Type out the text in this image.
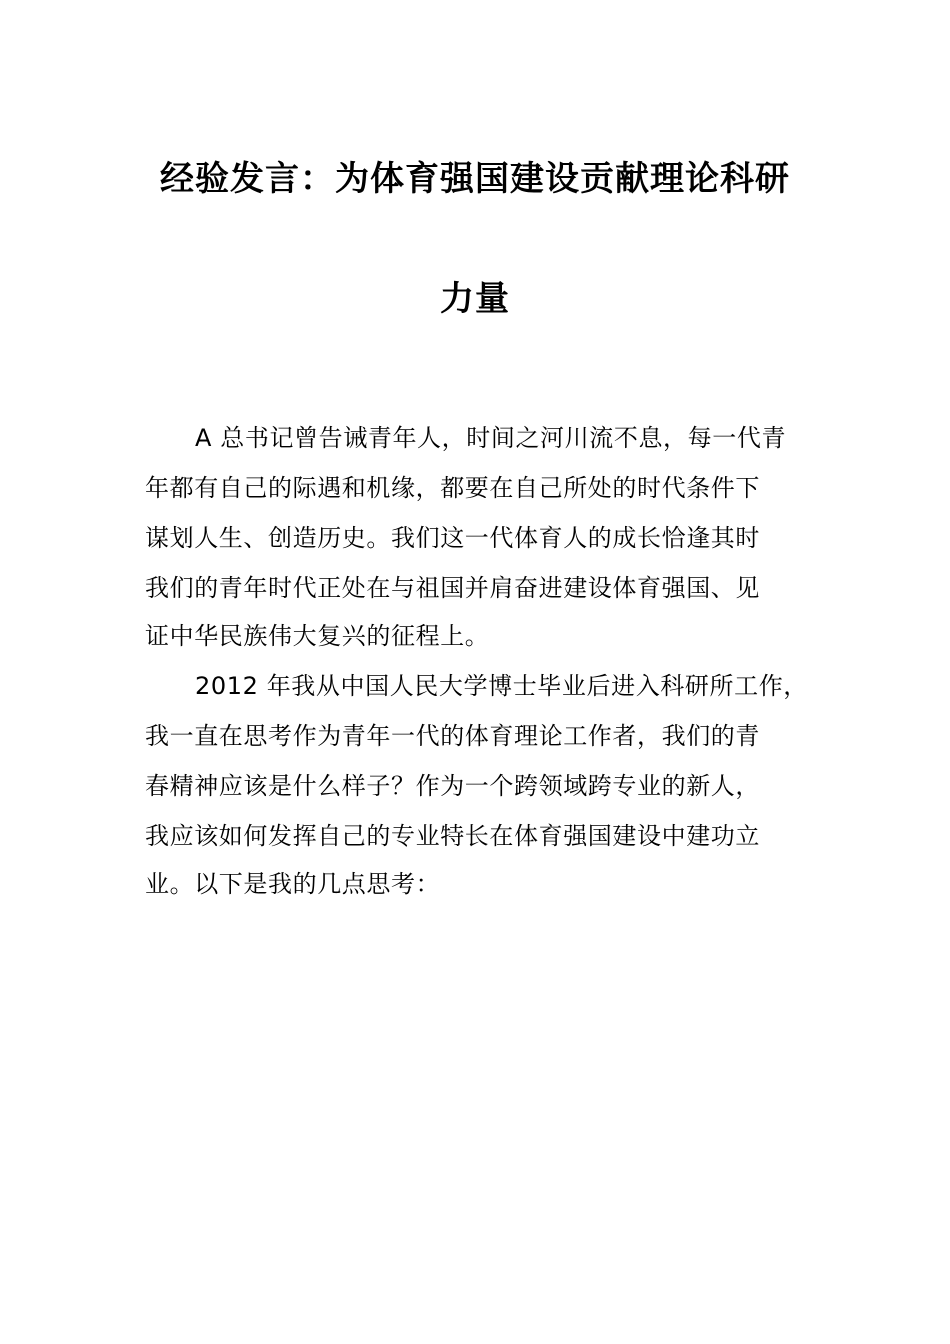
经验发言：为体育强国建设贡献理论科研
力量
A 总书记曾告诫青年人，时间之河川流不息，每一代青
年都有自己的际遇和机缘，都要在自己所处的时代条件下
谋划人生、创造历史。我们这一代体育人的成长恰逢其时
我们的青年时代正处在与祖国并肩奋进建设体育强国、见
证中华民族伟大复兴的征程上。
2012 年我从中国人民大学博士毕业后进入科研所工作，
我一直在思考作为青年一代的体育理论工作者，我们的青
春精神应该是什么样子？作为一个跨领域跨专业的新人，
我应该如何发挥自己的专业特长在体育强国建设中建功立
业。以下是我的几点思考：
